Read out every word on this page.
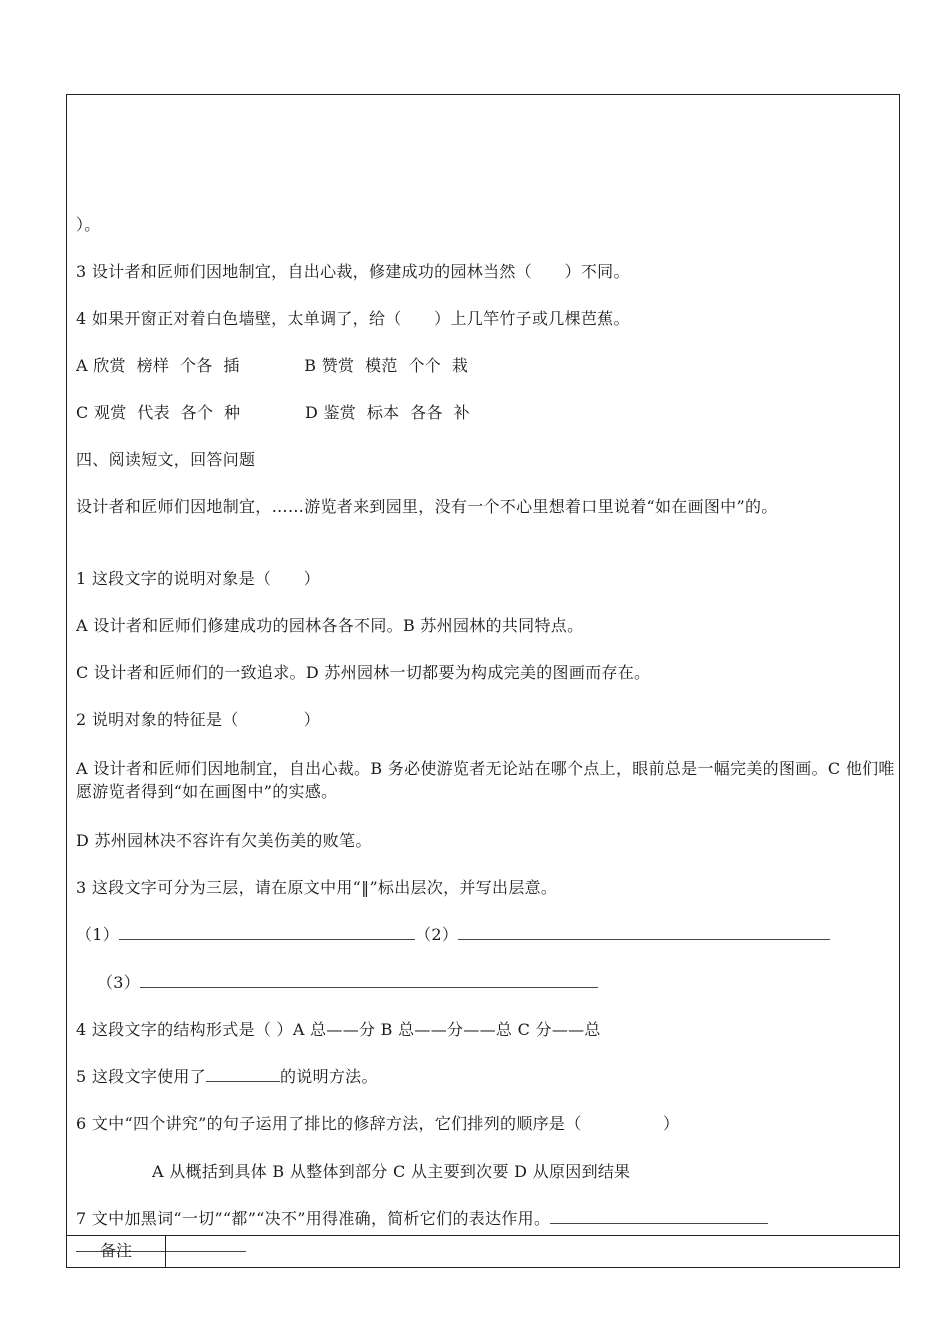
）。
3 设计者和匠师们因地制宜，自出心裁，修建成功的园林当然（　　）不同。
4 如果开窗正对着白色墙壁，太单调了，给（　　）上几竿竹子或几棵芭蕉。
A 欣赏  榜样  个各  插            B 赞赏  模范  个个  栽
C 观赏  代表  各个  种            D 鉴赏  标本  各各  补
四、阅读短文，回答问题
设计者和匠师们因地制宜，……游览者来到园里，没有一个不心里想着口里说着“如在画图中”的。
1 这段文字的说明对象是（　　）
A 设计者和匠师们修建成功的园林各各不同。B 苏州园林的共同特点。
C 设计者和匠师们的一致追求。D 苏州园林一切都要为构成完美的图画而存在。
2 说明对象的特征是（　　　　）
A 设计者和匠师们因地制宜，自出心裁。B 务必使游览者无论站在哪个点上，眼前总是一幅完美的图画。C 他们唯愿游览者得到“如在画图中”的实感。
D 苏州园林决不容许有欠美伤美的败笔。
3 这段文字可分为三层，请在原文中用“‖”标出层次，并写出层意。
（1）	（2）
（3）
4 这段文字的结构形式是（ ）A 总——分 B 总——分——总 C 分——总
5 这段文字使用了	的说明方法。
6 文中“四个讲究”的句子运用了排比的修辞方法，它们排列的顺序是（　　　　　）
A 从概括到具体 B 从整体到部分 C 从主要到次要 D 从原因到结果
7 文中加黑词“一切”“都”“决不”用得准确，简析它们的表达作用。
备注
